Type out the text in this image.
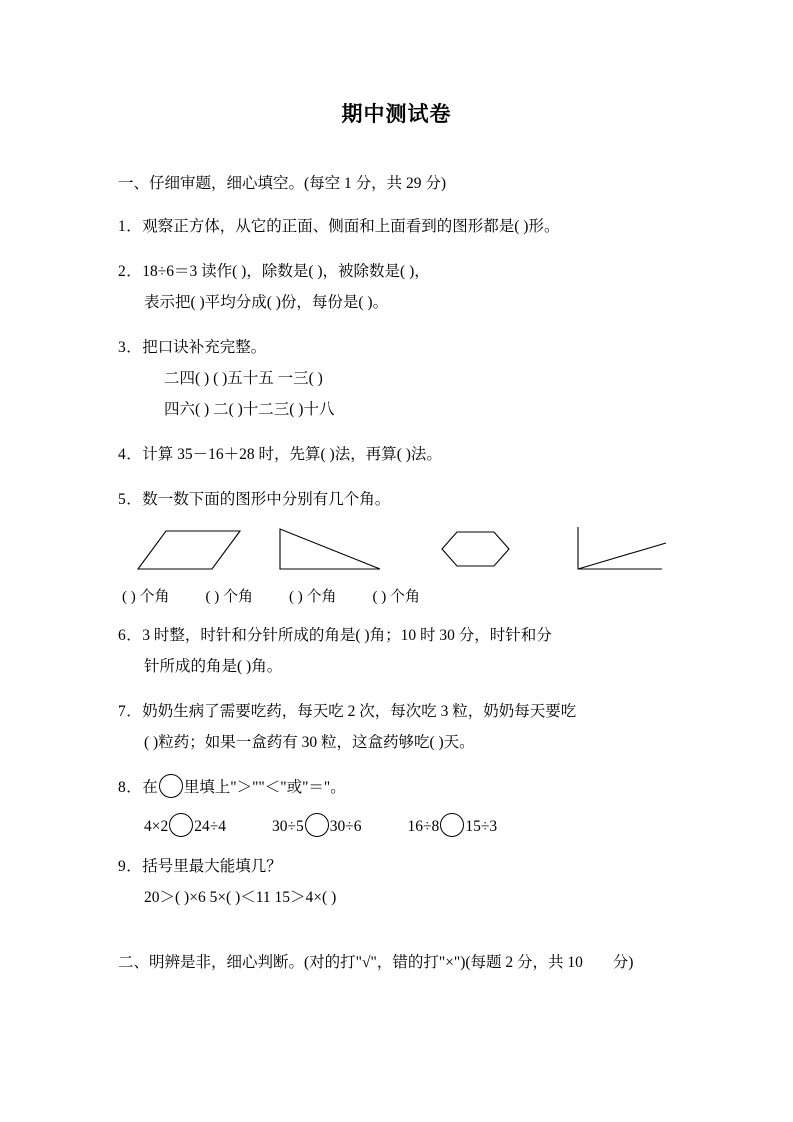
期中测试卷
一、仔细审题，细心填空。(每空 1 分，共 29 分)
1．观察正方体，从它的正面、侧面和上面看到的图形都是( )形。
2．18÷6＝3 读作( )，除数是( )，被除数是( )，
表示把( )平均分成( )份，每份是( )。
3．把口诀补充完整。
二四( ) ( )五十五 一三( )
四六( ) 二( )十二三( )十八
4．计算 35－16＋28 时，先算( )法，再算( )法。
5．数一数下面的图形中分别有几个角。
( ) 个角 ( ) 个角 ( ) 个角 ( ) 个角
6．3 时整，时针和分针所成的角是( )角；10 时 30 分，时针和分
针所成的角是( )角。
7．奶奶生病了需要吃药，每天吃 2 次，每次吃 3 粒，奶奶每天要吃
( )粒药；如果一盒药有 30 粒，这盒药够吃( )天。
8．在 里填上"＞""＜"或"＝"。
4×2 24÷4	30÷5 30÷6	16÷8 15÷3
9．括号里最大能填几？
20＞( )×6 5×( )＜11 15＞4×( )
二、明辨是非，细心判断。(对的打"√"，错的打"×")(每题 2 分，共 10 分)
